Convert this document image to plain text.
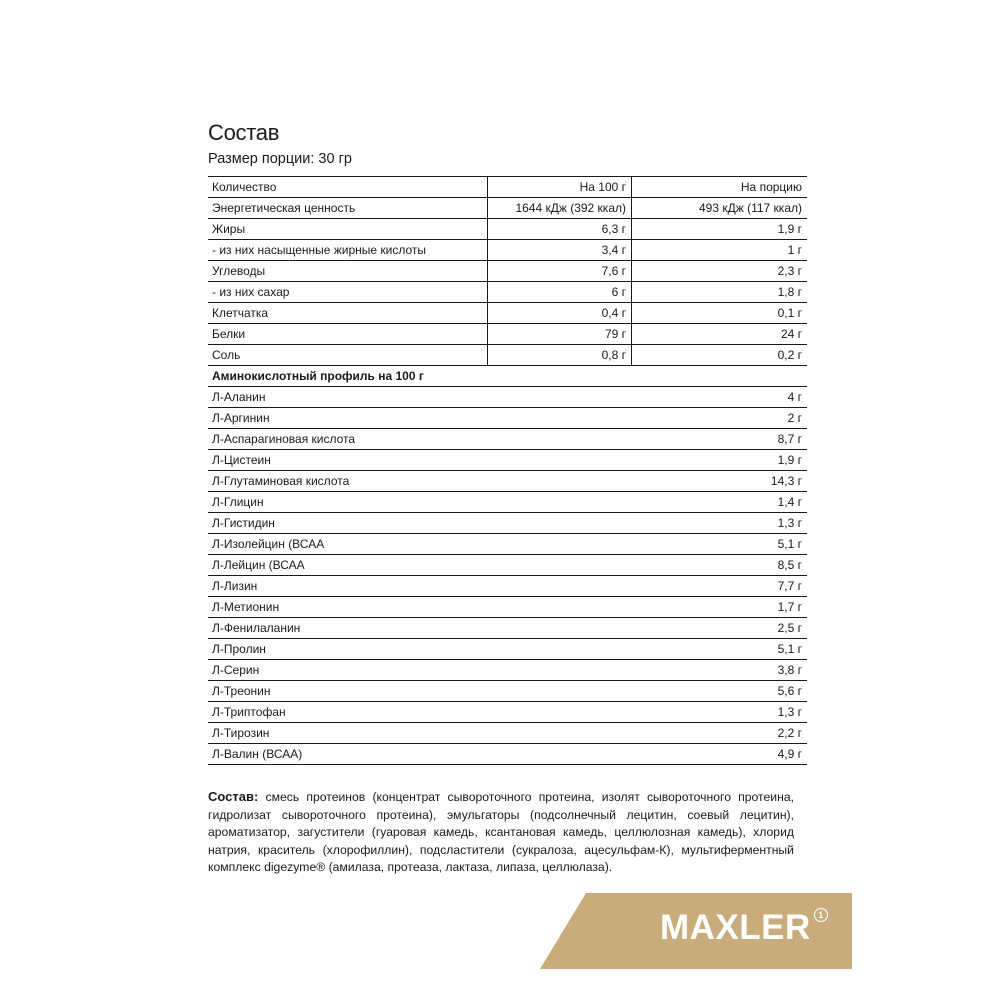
Состав
Размер порции: 30 гр
Количество	На 100 г	На порцию
Энергетическая ценность	1644 кДж (392 ккал)	493 кДж (117 ккал)
Жиры	6,3 г	1,9 г
- из них насыщенные жирные кислоты	3,4 г	1 г
Углеводы	7,6 г	2,3 г
- из них сахар	6 г	1,8 г
Клетчатка	0,4 г	0,1 г
Белки	79 г	24 г
Соль	0,8 г	0,2 г
Аминокислотный профиль на 100 г		
Л-Аланин		4 г
Л-Аргинин		2 г
Л-Аспарагиновая кислота		8,7 г
Л-Цистеин		1,9 г
Л-Глутаминовая кислота		14,3 г
Л-Глицин		1,4 г
Л-Гистидин		1,3 г
Л-Изолейцин (ВСАА		5,1 г
Л-Лейцин (ВСАА		8,5 г
Л-Лизин		7,7 г
Л-Метионин		1,7 г
Л-Фенилаланин		2,5 г
Л-Пролин		5,1 г
Л-Серин		3,8 г
Л-Треонин		5,6 г
Л-Триптофан		1,3 г
Л-Тирозин		2,2 г
Л-Валин (ВСАА)		4,9 г
Состав: смесь протеинов (концентрат сывороточного протеина, изолят сывороточного протеина, гидролизат сывороточного протеина), эмульгаторы (подсолнечный лецитин, соевый лецитин), ароматизатор, загустители (гуаровая камедь, ксантановая камедь, целлюлозная камедь), хлорид натрия, краситель (хлорофиллин), подсластители (сукралоза, ацесульфам-К), мультиферментный комплекс digezyme® (амилаза, протеаза, лактаза, липаза, целлюлаза).
MAXLER 1
